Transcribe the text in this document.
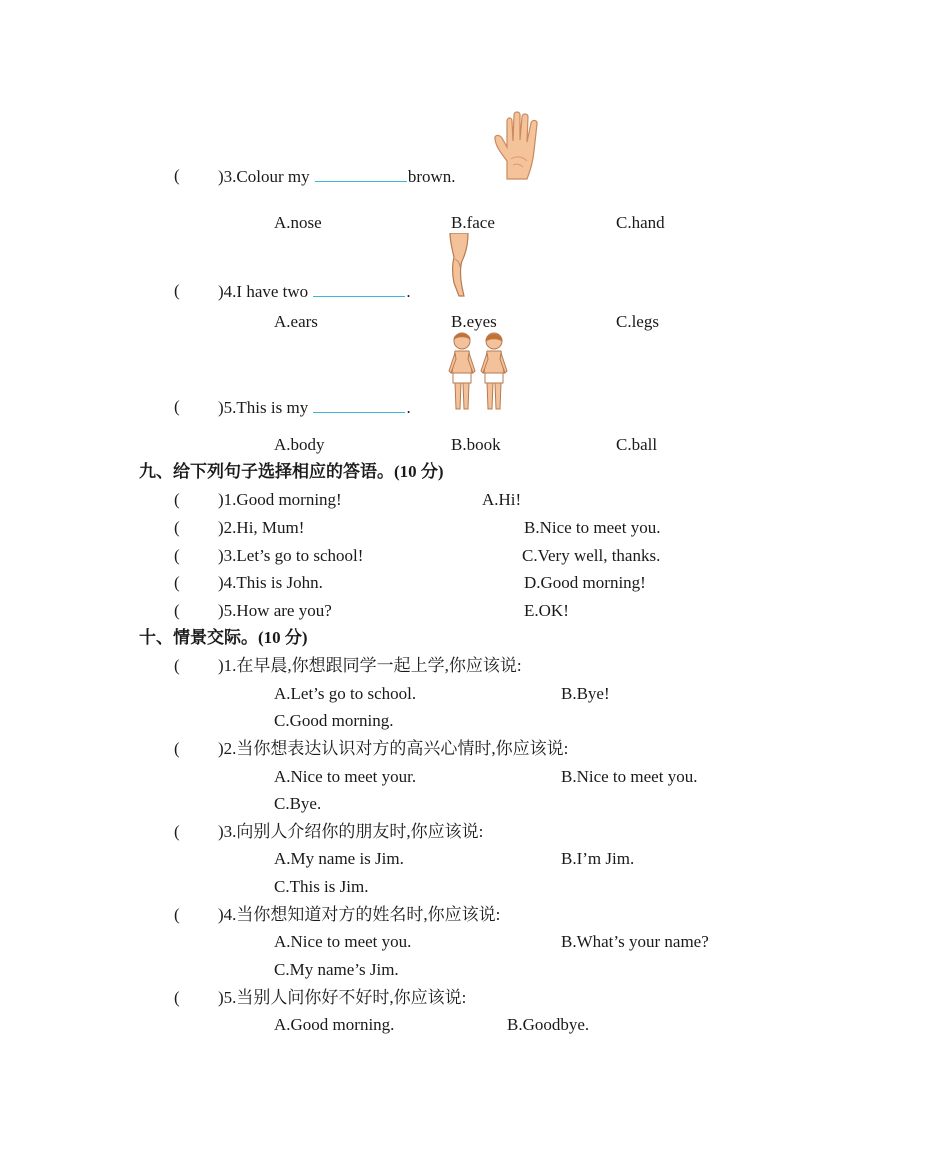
( )3.Colour my	brown.
A.nose	B.face	C.hand
( )4.I have two	.
A.ears	B.eyes	C.legs
( )5.This is my	.
A.body	B.book	C.ball
九、给下列句子选择相应的答语。(10 分)
( )1.Good morning!	A.Hi!
( )2.Hi, Mum!	B.Nice to meet you.
( )3.Let’s go to school!	C.Very well, thanks.
( )4.This is John.	D.Good morning!
( )5.How are you?	E.OK!
十、情景交际。(10 分)
( )1.在早晨,你想跟同学一起上学,你应该说:
A.Let’s go to school.	B.Bye!
C.Good morning.
( )2.当你想表达认识对方的高兴心情时,你应该说:
A.Nice to meet your.	B.Nice to meet you.
C.Bye.
( )3.向别人介绍你的朋友时,你应该说:
A.My name is Jim.	B.I’m Jim.
C.This is Jim.
( )4.当你想知道对方的姓名时,你应该说:
A.Nice to meet you.	B.What’s your name?
C.My name’s Jim.
( )5.当别人问你好不好时,你应该说:
A.Good morning.	B.Goodbye.
